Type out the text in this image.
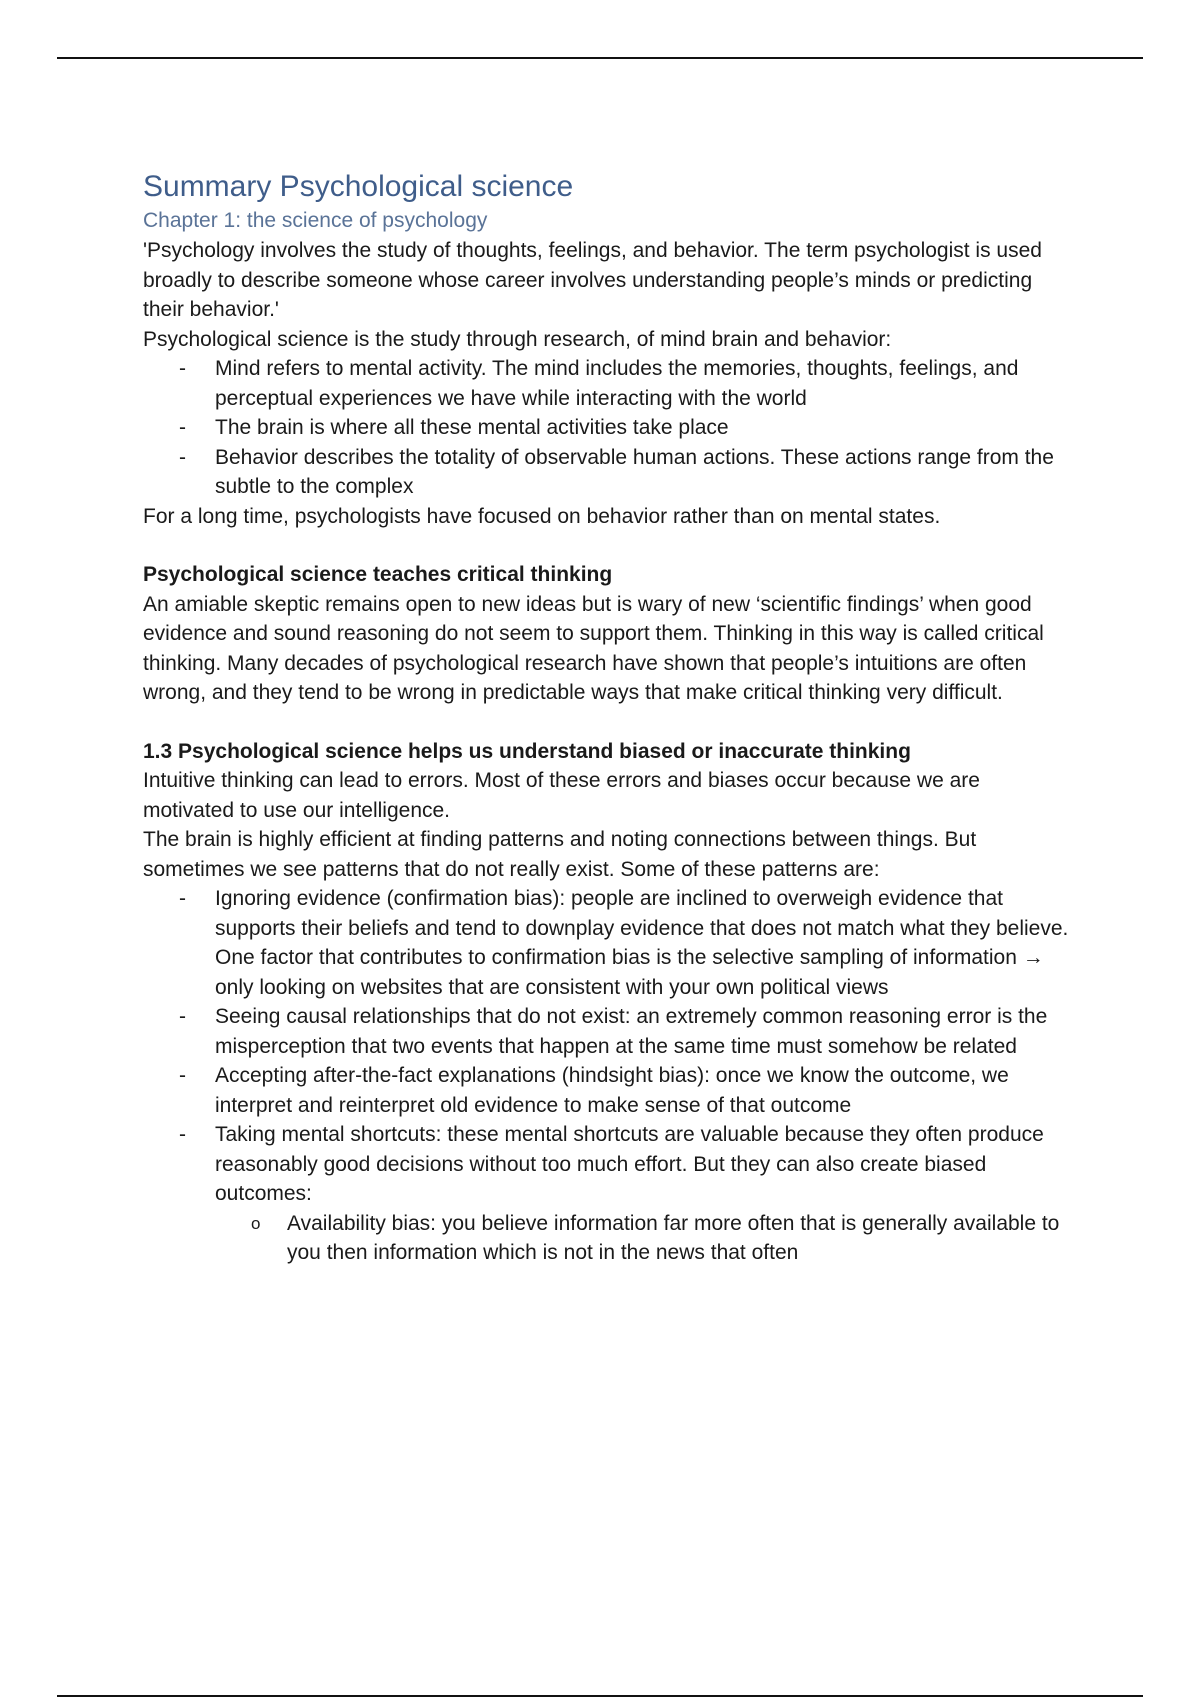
Summary Psychological science
Chapter 1: the science of psychology

'Psychology involves the study of thoughts, feelings, and behavior. The term psychologist is used broadly to describe someone whose career involves understanding people’s minds or predicting their behavior.'

Psychological science is the study through research, of mind brain and behavior:

- Mind refers to mental activity. The mind includes the memories, thoughts, feelings, and perceptual experiences we have while interacting with the world
- The brain is where all these mental activities take place
- Behavior describes the totality of observable human actions. These actions range from the subtle to the complex

For a long time, psychologists have focused on behavior rather than on mental states.

Psychological science teaches critical thinking

An amiable skeptic remains open to new ideas but is wary of new ‘scientific findings’ when good evidence and sound reasoning do not seem to support them. Thinking in this way is called critical thinking. Many decades of psychological research have shown that people’s intuitions are often wrong, and they tend to be wrong in predictable ways that make critical thinking very difficult.

1.3 Psychological science helps us understand biased or inaccurate thinking

Intuitive thinking can lead to errors. Most of these errors and biases occur because we are motivated to use our intelligence.

The brain is highly efficient at finding patterns and noting connections between things. But sometimes we see patterns that do not really exist. Some of these patterns are:

- Ignoring evidence (confirmation bias): people are inclined to overweigh evidence that supports their beliefs and tend to downplay evidence that does not match what they believe. One factor that contributes to confirmation bias is the selective sampling of information → only looking on websites that are consistent with your own political views
- Seeing causal relationships that do not exist: an extremely common reasoning error is the misperception that two events that happen at the same time must somehow be related
- Accepting after-the-fact explanations (hindsight bias): once we know the outcome, we interpret and reinterpret old evidence to make sense of that outcome
- Taking mental shortcuts: these mental shortcuts are valuable because they often produce reasonably good decisions without too much effort. But they can also create biased outcomes:
o Availability bias: you believe information far more often that is generally available to you then information which is not in the news that often
